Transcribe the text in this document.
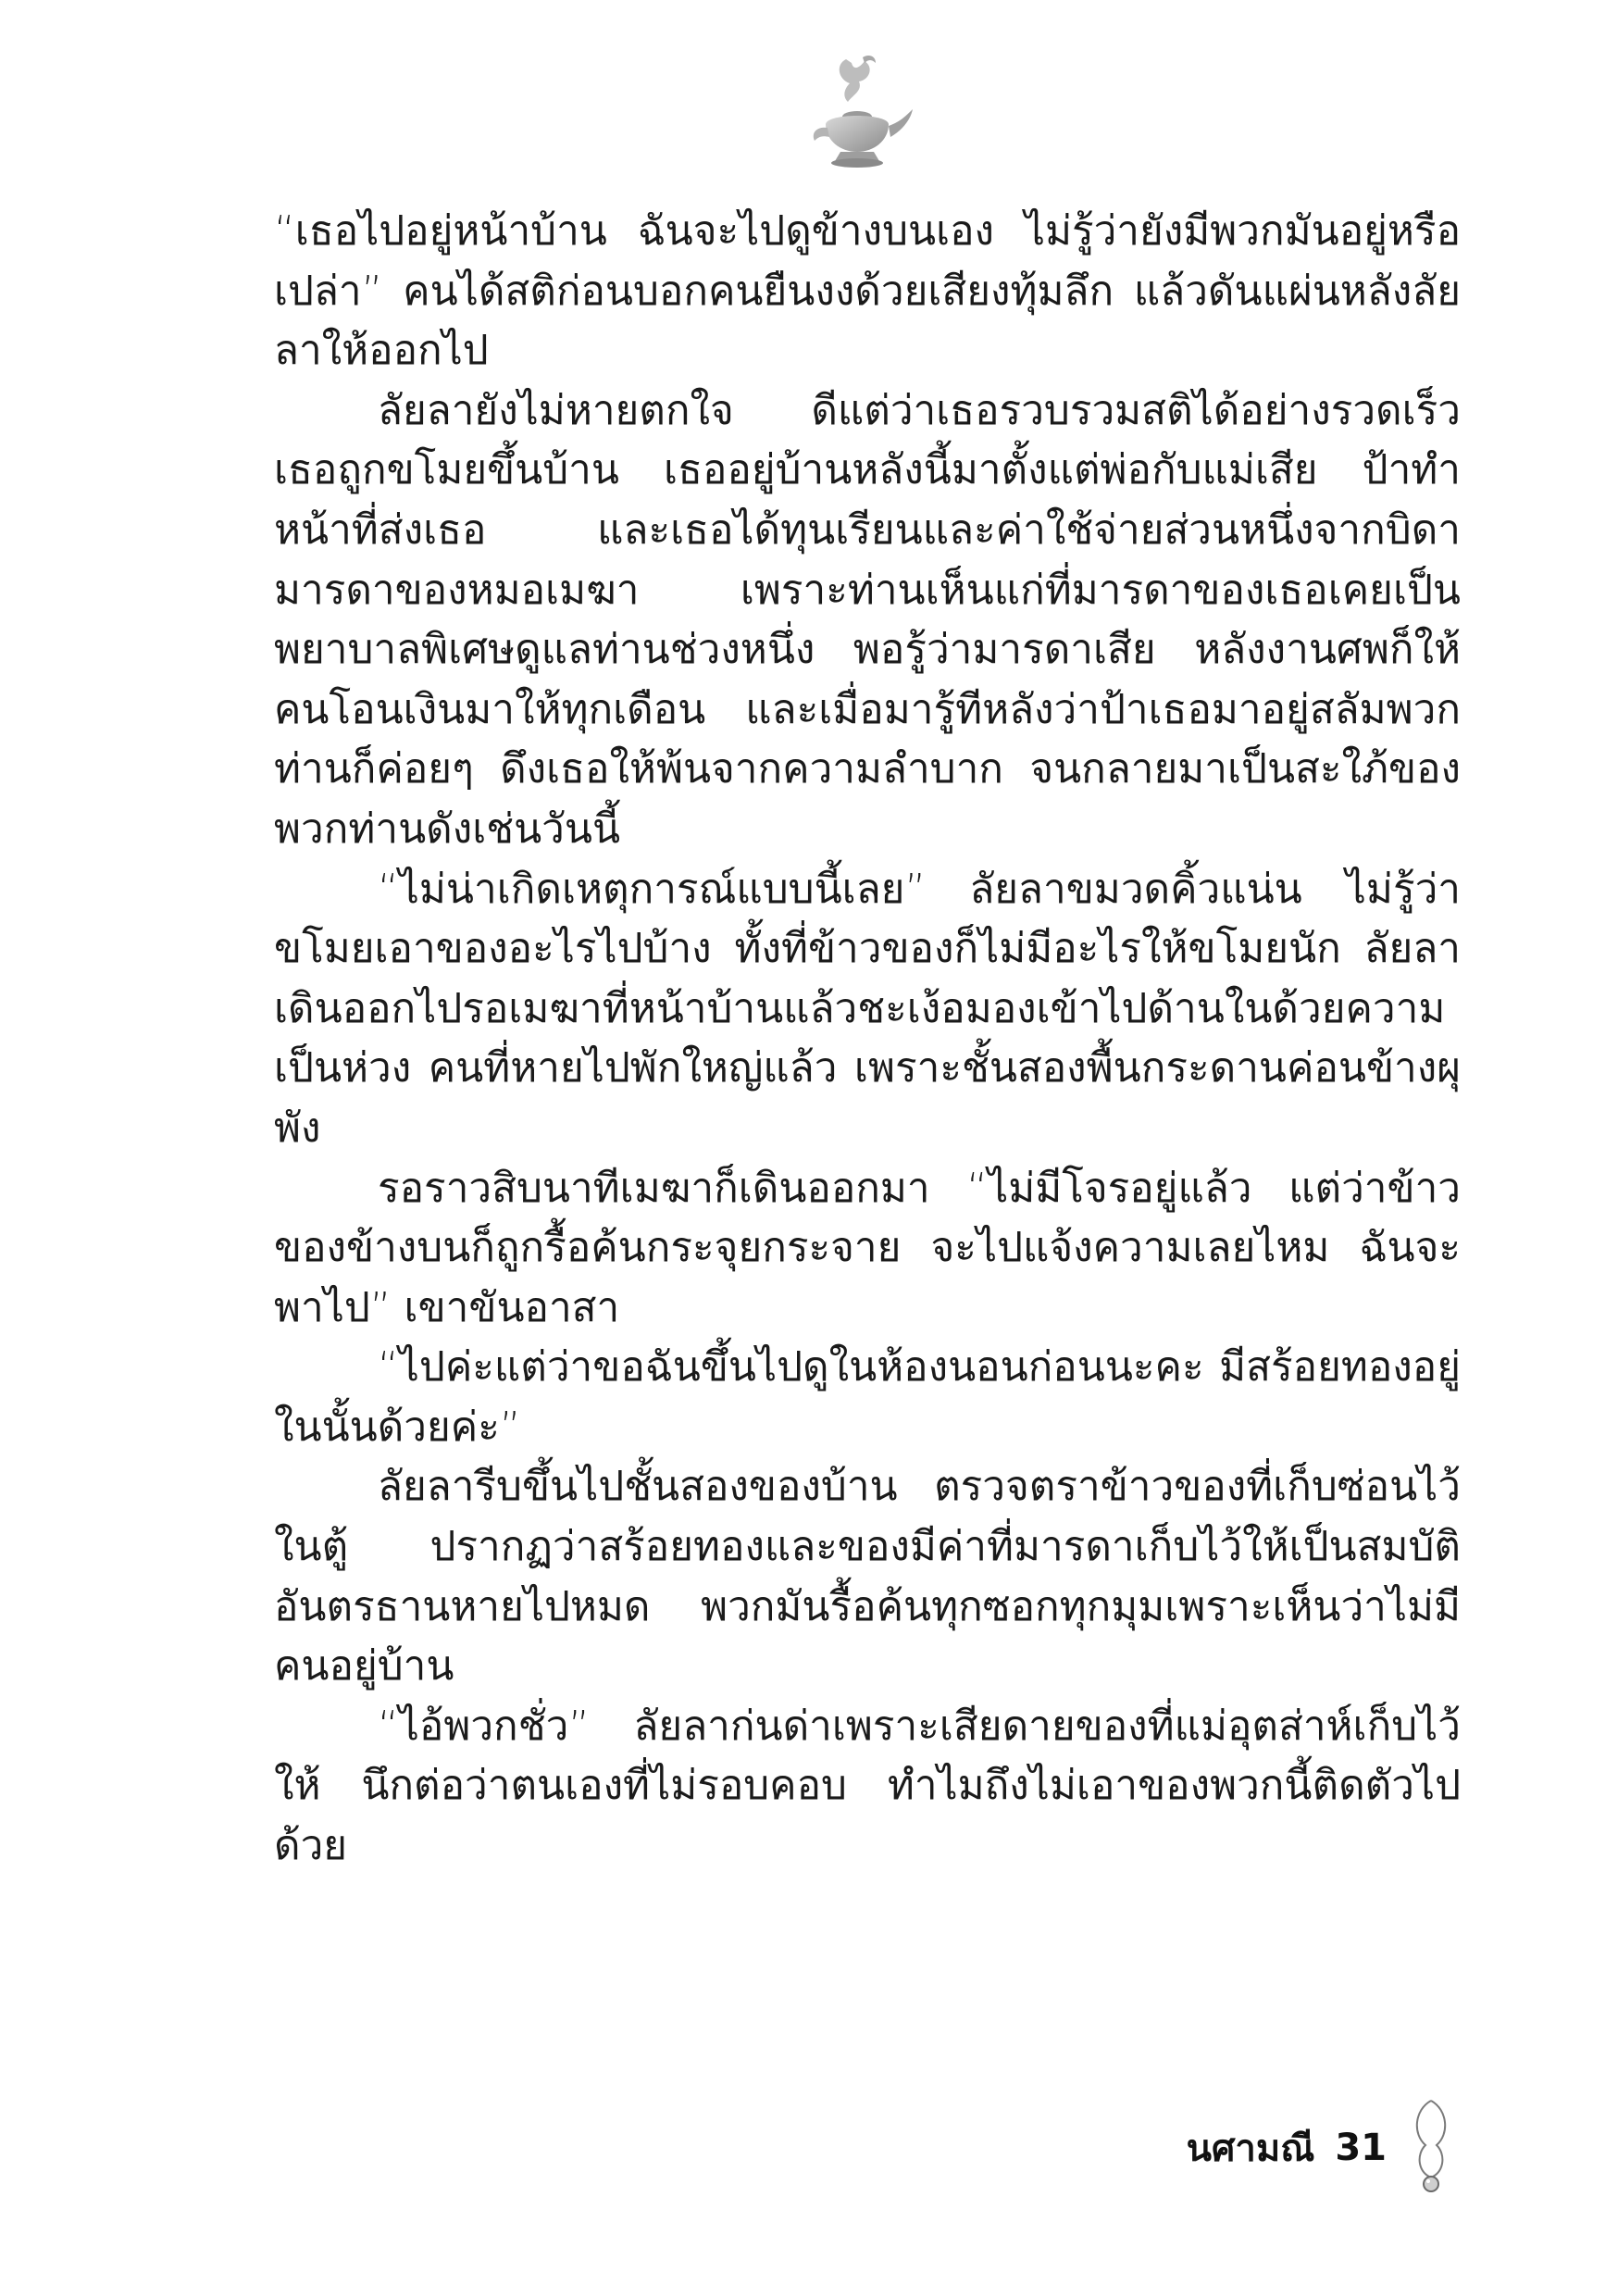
“เธอไปอยู่หน้าบ้าน ฉันจะไปดูข้างบนเอง ไม่รู้ว่ายังมีพวกมันอยู่หรือเปล่า” คนได้สติก่อนบอกคนยืนงงด้วยเสียงทุ้มลึก แล้วดันแผ่นหลังลัยลาให้ออกไป

ลัยลายังไม่หายตกใจ ดีแต่ว่าเธอรวบรวมสติได้อย่างรวดเร็ว เธอถูกขโมยขึ้นบ้าน เธออยู่บ้านหลังนี้มาตั้งแต่พ่อกับแม่เสีย ป้าทำหน้าที่ส่งเธอ และเธอได้ทุนเรียนและค่าใช้จ่ายส่วนหนึ่งจากบิดามารดาของหมอเมฆา เพราะท่านเห็นแก่ที่มารดาของเธอเคยเป็นพยาบาลพิเศษดูแลท่านช่วงหนึ่ง พอรู้ว่ามารดาเสีย หลังงานศพก็ให้คนโอนเงินมาให้ทุกเดือน และเมื่อมารู้ทีหลังว่าป้าเธอมาอยู่สลัมพวกท่านก็ค่อยๆ ดึงเธอให้พ้นจากความลำบาก จนกลายมาเป็นสะใภ้ของพวกท่านดังเช่นวันนี้

“ไม่น่าเกิดเหตุการณ์แบบนี้เลย” ลัยลาขมวดคิ้วแน่น ไม่รู้ว่าขโมยเอาของอะไรไปบ้าง ทั้งที่ข้าวของก็ไม่มีอะไรให้ขโมยนัก ลัยลาเดินออกไปรอเมฆาที่หน้าบ้านแล้วชะเง้อมองเข้าไปด้านในด้วยความเป็นห่วง คนที่หายไปพักใหญ่แล้ว เพราะชั้นสองพื้นกระดานค่อนข้างผุพัง

รอราวสิบนาทีเมฆาก็เดินออกมา “ไม่มีโจรอยู่แล้ว แต่ว่าข้าวของข้างบนก็ถูกรื้อค้นกระจุยกระจาย จะไปแจ้งความเลยไหม ฉันจะพาไป” เขาขันอาสา

“ไปค่ะแต่ว่าขอฉันขึ้นไปดูในห้องนอนก่อนนะคะ มีสร้อยทองอยู่ในนั้นด้วยค่ะ”

ลัยลารีบขึ้นไปชั้นสองของบ้าน ตรวจตราข้าวของที่เก็บซ่อนไว้ในตู้ ปรากฏว่าสร้อยทองและของมีค่าที่มารดาเก็บไว้ให้เป็นสมบัติอันตรธานหายไปหมด พวกมันรื้อค้นทุกซอกทุกมุมเพราะเห็นว่าไม่มีคนอยู่บ้าน

“ไอ้พวกชั่ว” ลัยลาก่นด่าเพราะเสียดายของที่แม่อุตส่าห์เก็บไว้ให้ นึกต่อว่าตนเองที่ไม่รอบคอบ ทำไมถึงไม่เอาของพวกนี้ติดตัวไปด้วย

นศามณี 31
